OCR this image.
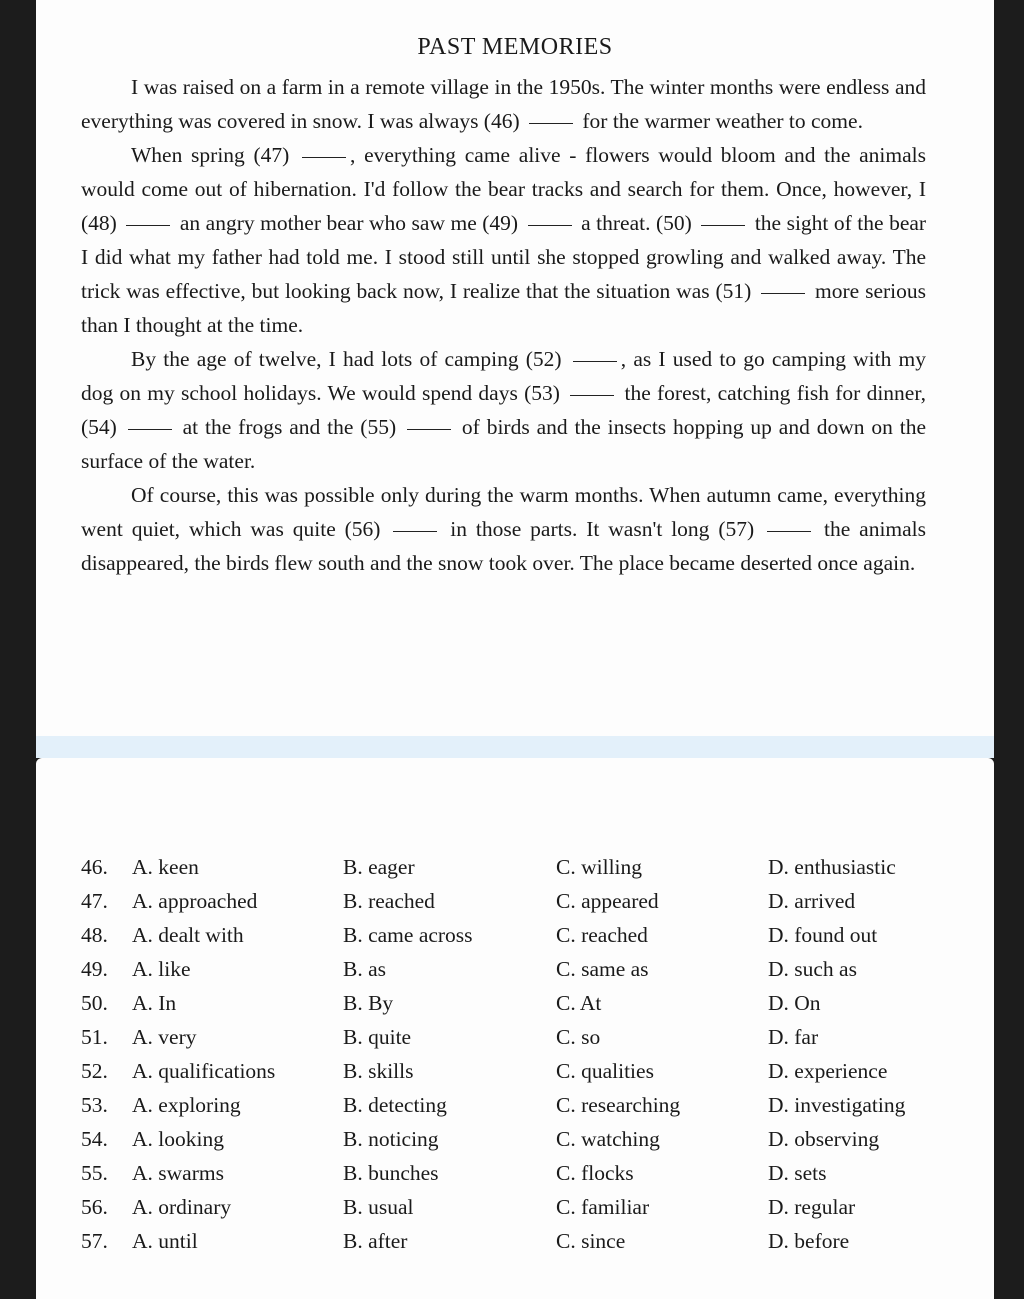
PAST MEMORIES

I was raised on a farm in a remote village in the 1950s. The winter months were endless and everything was covered in snow. I was always (46)	for the warmer weather to come.

When spring (47)	, everything came alive - flowers would bloom and the animals would come out of hibernation. I'd follow the bear tracks and search for them. Once, however, I (48)	an angry mother bear who saw me (49)	a threat. (50)	the sight of the bear I did what my father had told me. I stood still until she stopped growling and walked away. The trick was effective, but looking back now, I realize that the situation was (51)	more serious than I thought at the time.

By the age of twelve, I had lots of camping (52)	, as I used to go camping with my dog on my school holidays. We would spend days (53)	the forest, catching fish for dinner, (54)	at the frogs and the (55)	of birds and the insects hopping up and down on the surface of the water.

Of course, this was possible only during the warm months. When autumn came, everything went quiet, which was quite (56)	in those parts. It wasn't long (57)	the animals disappeared, the birds flew south and the snow took over. The place became deserted once again.

46. A. keen	B. eager	C. willing	D. enthusiastic
47. A. approached	B. reached	C. appeared	D. arrived
48. A. dealt with	B. came across	C. reached	D. found out
49. A. like	B. as	C. same as	D. such as
50. A. In	B. By	C. At	D. On
51. A. very	B. quite	C. so	D. far
52. A. qualifications	B. skills	C. qualities	D. experience
53. A. exploring	B. detecting	C. researching	D. investigating
54. A. looking	B. noticing	C. watching	D. observing
55. A. swarms	B. bunches	C. flocks	D. sets
56. A. ordinary	B. usual	C. familiar	D. regular
57. A. until	B. after	C. since	D. before
